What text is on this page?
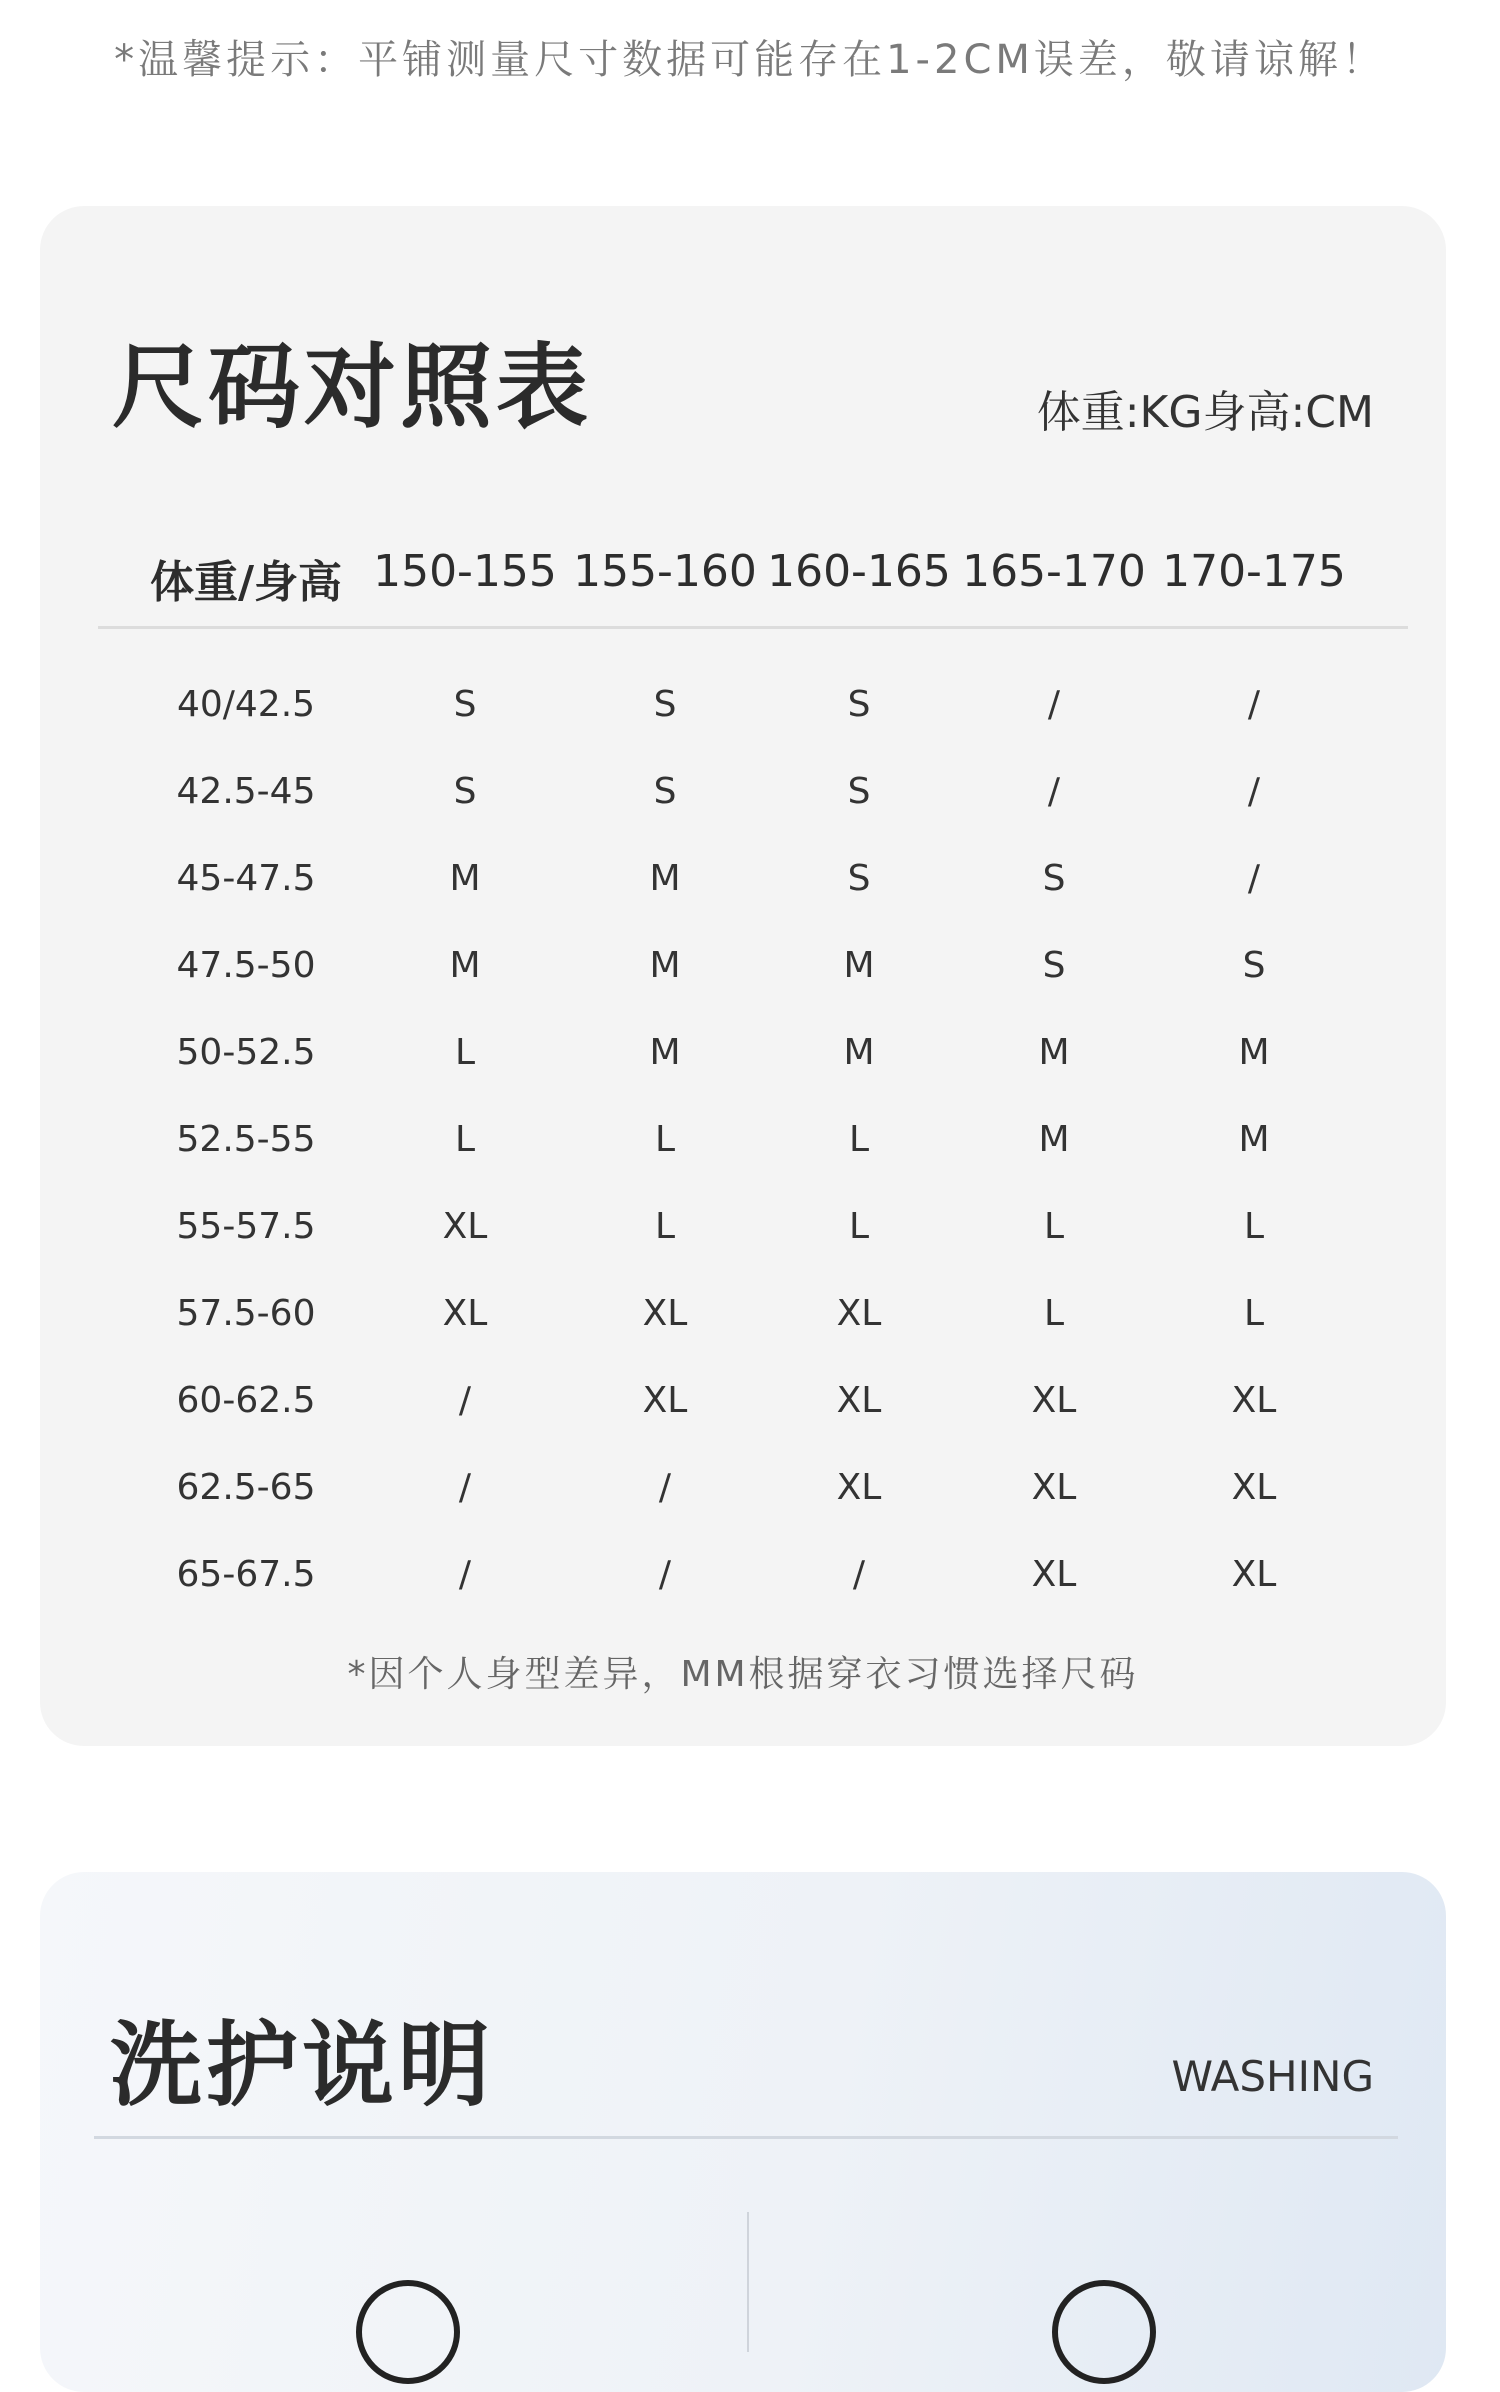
*温馨提示：平铺测量尺寸数据可能存在1-2CM误差，敬请谅解！
尺码对照表	体重:KG身高:CM
体重/身高 150-155 155-160 160-165 165-170 170-175
40/42.5	S	S	S	/	/
42.5-45	S	S	S	/	/
45-47.5	M	M	S	S	/
47.5-50	M	M	M	S	S
50-52.5	L	M	M	M	M
52.5-55	L	L	L	M	M
55-57.5	XL	L	L	L	L
57.5-60	XL	XL	XL	L	L
60-62.5	/	XL	XL	XL	XL
62.5-65	/	/	XL	XL	XL
65-67.5	/	/	/	XL	XL
*因个人身型差异，MM根据穿衣习惯选择尺码
洗护说明	WASHING
